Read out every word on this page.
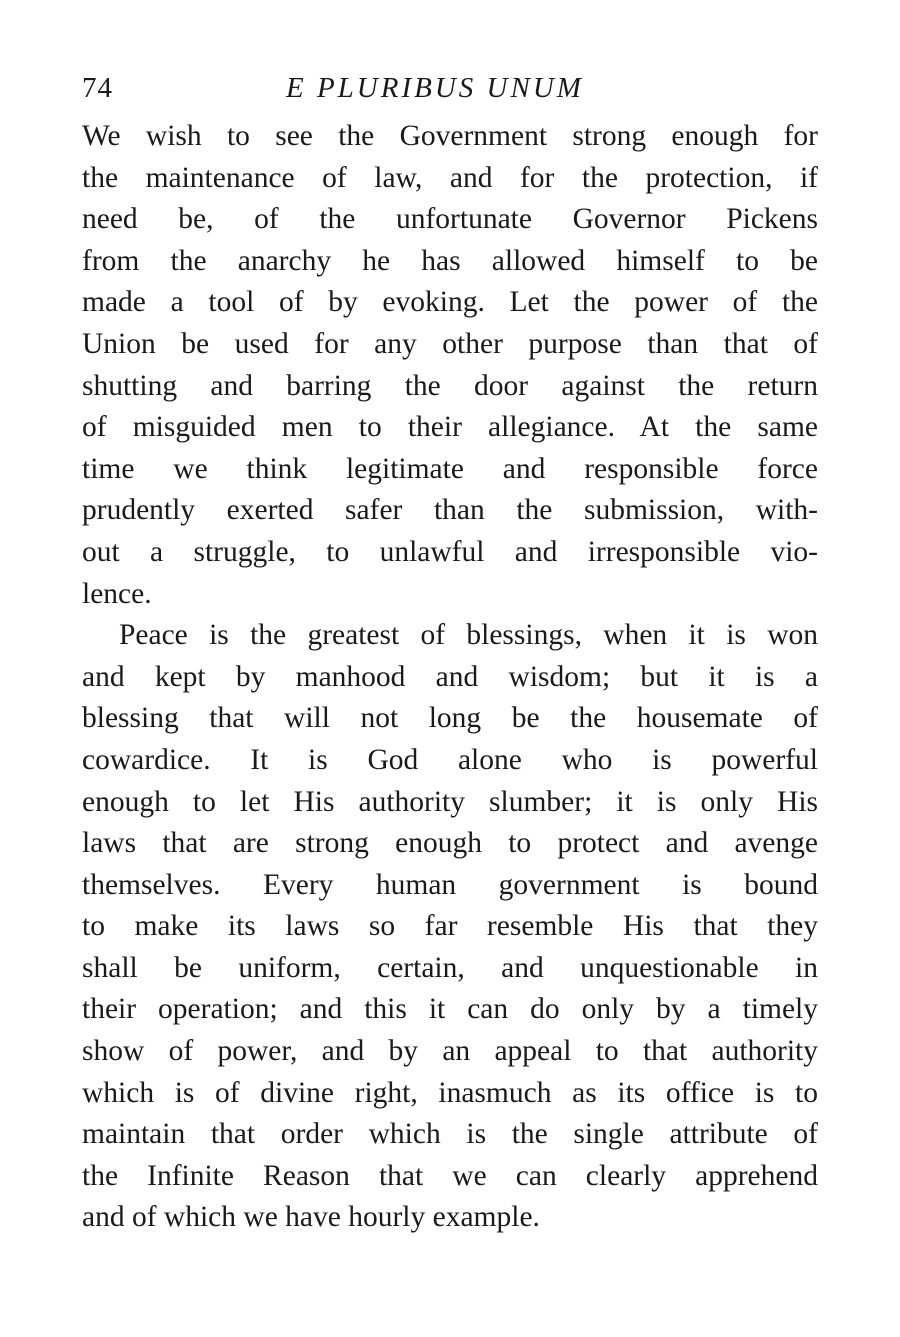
74	E PLURIBUS UNUM

We wish to see the Government strong enough for
the maintenance of law, and for the protection, if
need be, of the unfortunate Governor Pickens
from the anarchy he has allowed himself to be
made a tool of by evoking. Let the power of the
Union be used for any other purpose than that of
shutting and barring the door against the return
of misguided men to their allegiance. At the same
time we think legitimate and responsible force
prudently exerted safer than the submission, with-
out a struggle, to unlawful and irresponsible vio-
lence.

Peace is the greatest of blessings, when it is won
and kept by manhood and wisdom; but it is a
blessing that will not long be the housemate of
cowardice. It is God alone who is powerful
enough to let His authority slumber; it is only His
laws that are strong enough to protect and avenge
themselves. Every human government is bound
to make its laws so far resemble His that they
shall be uniform, certain, and unquestionable in
their operation; and this it can do only by a timely
show of power, and by an appeal to that authority
which is of divine right, inasmuch as its office is to
maintain that order which is the single attribute of
the Infinite Reason that we can clearly apprehend
and of which we have hourly example.
